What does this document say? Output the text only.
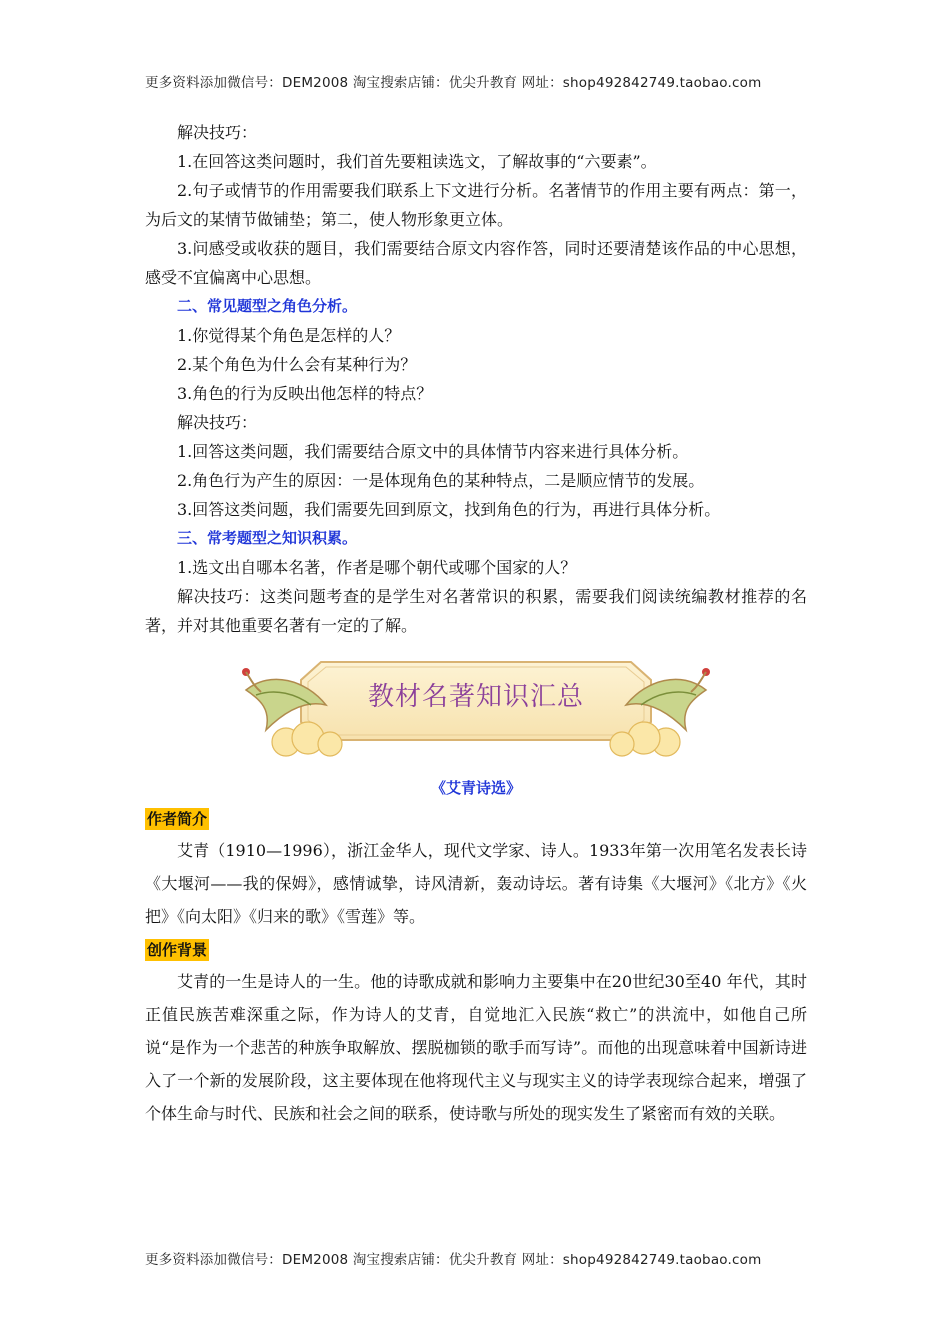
更多资料添加微信号：DEM2008 淘宝搜索店铺：优尖升教育 网址：shop492842749.taobao.com

解决技巧：

1.在回答这类问题时，我们首先要粗读选文，了解故事的“六要素”。

2.句子或情节的作用需要我们联系上下文进行分析。名著情节的作用主要有两点：第一，为后文的某情节做铺垫；第二，使人物形象更立体。

3.问感受或收获的题目，我们需要结合原文内容作答，同时还要清楚该作品的中心思想，感受不宜偏离中心思想。

二、常见题型之角色分析。

1.你觉得某个角色是怎样的人？

2.某个角色为什么会有某种行为？

3.角色的行为反映出他怎样的特点？

解决技巧：

1.回答这类问题，我们需要结合原文中的具体情节内容来进行具体分析。

2.角色行为产生的原因：一是体现角色的某种特点，二是顺应情节的发展。

3.回答这类问题，我们需要先回到原文，找到角色的行为，再进行具体分析。

三、常考题型之知识积累。

1.选文出自哪本名著，作者是哪个朝代或哪个国家的人？

解决技巧：这类问题考查的是学生对名著常识的积累，需要我们阅读统编教材推荐的名著，并对其他重要名著有一定的了解。

教材名著知识汇总
《艾青诗选》
作者简介

艾青（1910—1996），浙江金华人，现代文学家、诗人。1933年第一次用笔名发表长诗《大堰河——我的保姆》，感情诚挚，诗风清新，轰动诗坛。著有诗集《大堰河》《北方》《火把》《向太阳》《归来的歌》《雪莲》等。

创作背景

艾青的一生是诗人的一生。他的诗歌成就和影响力主要集中在20世纪30至40 年代，其时正值民族苦难深重之际，作为诗人的艾青，自觉地汇入民族“救亡”的洪流中，如他自己所说“是作为一个悲苦的种族争取解放、摆脱枷锁的歌手而写诗”。而他的出现意味着中国新诗进入了一个新的发展阶段，这主要体现在他将现代主义与现实主义的诗学表现综合起来，增强了个体生命与时代、民族和社会之间的联系，使诗歌与所处的现实发生了紧密而有效的关联。

更多资料添加微信号：DEM2008 淘宝搜索店铺：优尖升教育 网址：shop492842749.taobao.com
